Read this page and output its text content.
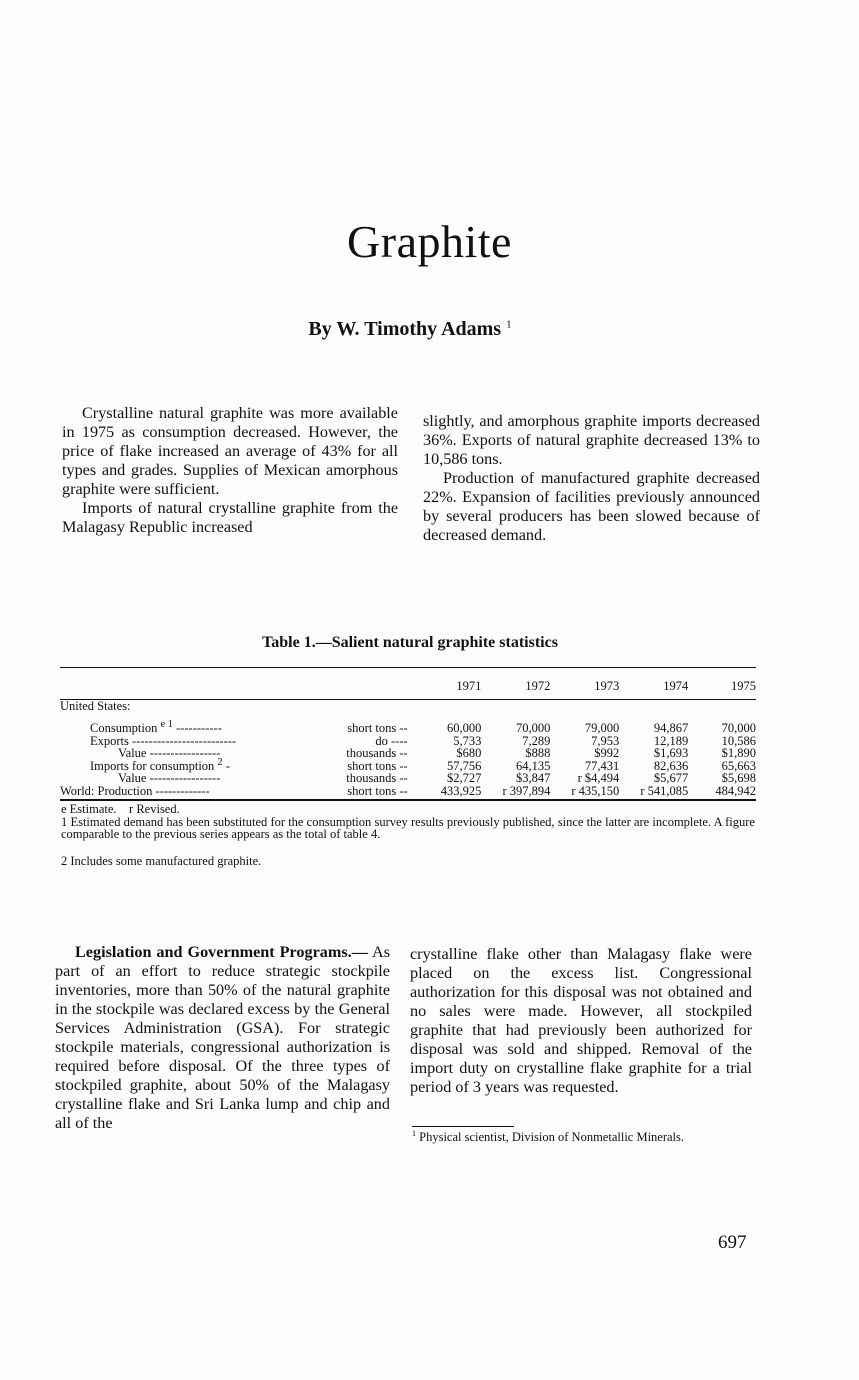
Graphite

By W. Timothy Adams $^1$

Crystalline natural graphite was more available in 1975 as consumption decreased. However, the price of flake increased an average of 43% for all types and grades. Supplies of Mexican amorphous graphite were sufficient.

Imports of natural crystalline graphite from the Malagasy Republic increased

slightly, and amorphous graphite imports decreased 36%. Exports of natural graphite decreased 13% to 10,586 tons.

Production of manufactured graphite decreased 22%. Expansion of facilities previously announced by several producers has been slowed because of decreased demand.

Table 1.—Salient natural graphite statistics

	1971	1972	1973	1974	1975
United States:					
Consumption $^{e 1}$ ----------- short tons --	60,000	70,000	79,000	94,867	70,000
Exports ------------------------- do ----	5,733	7,289	7,953	12,189	10,586
Value ----------------- thousands --	$680	$888	$992	$1,693	$1,890
Imports for consumption $^2$ - short tons --	57,756	64,135	77,431	82,636	65,663
Value ----------------- thousands --	$2,727	$3,847	r $4,494	$5,677	$5,698
World: Production ------------- short tons --	433,925	r 397,894	r 435,150	r 541,085	484,942

e Estimate. r Revised.

1 Estimated demand has been substituted for the consumption survey results previously published, since the latter are incomplete. A figure comparable to the previous series appears as the total of table 4.

2 Includes some manufactured graphite.

Legislation and Government Programs.— As part of an effort to reduce strategic stockpile inventories, more than 50% of the natural graphite in the stockpile was declared excess by the General Services Administration (GSA). For strategic stockpile materials, congressional authorization is required before disposal. Of the three types of stockpiled graphite, about 50% of the Malagasy crystalline flake and Sri Lanka lump and chip and all of the

crystalline flake other than Malagasy flake were placed on the excess list. Congressional authorization for this disposal was not obtained and no sales were made. However, all stockpiled graphite that had previously been authorized for disposal was sold and shipped. Removal of the import duty on crystalline flake graphite for a trial period of 3 years was requested.

$^1$ Physical scientist, Division of Nonmetallic Minerals.

697
